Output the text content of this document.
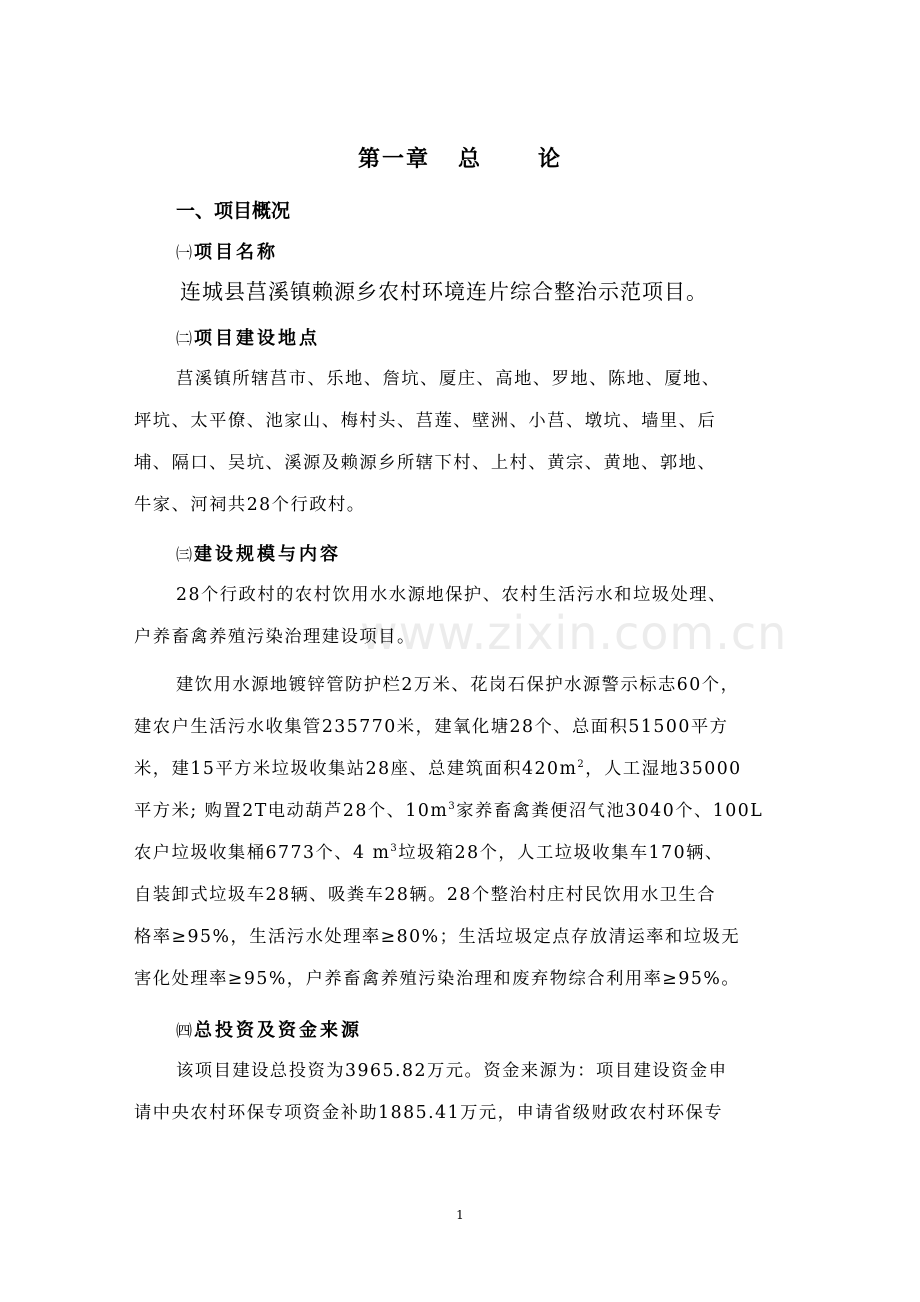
www.zixin.com.cn
第一章 总	论
一、项目概况
㈠ 项目名称
连城县莒溪镇赖源乡农村环境连片综合整治示范项目。
㈡ 项目建设地点
莒溪镇所辖莒市、乐地、詹坑、厦庄、高地、罗地、陈地、厦地、
坪坑、太平僚、池家山、梅村头、莒莲、壁洲、小莒、墩坑、墙里、后
埔、隔口、吴坑、溪源及赖源乡所辖下村、上村、黄宗、黄地、郭地、
牛家、河祠共28个行政村。
㈢ 建设规模与内容
28个行政村的农村饮用水水源地保护、农村生活污水和垃圾处理、
户养畜禽养殖污染治理建设项目。
建饮用水源地镀锌管防护栏2万米、花岗石保护水源警示标志60个，
建农户生活污水收集管235770米，建氧化塘28个、总面积51500平方
米，建15平方米垃圾收集站28座、总建筑面积$420m^2$，人工湿地35000
平方米; 购置2T电动葫芦28个、$10m^3$家养畜禽粪便沼气池3040个、100L
农户垃圾收集桶6773个、4 $m^3$垃圾箱28个，人工垃圾收集车170辆、
自装卸式垃圾车28辆、吸粪车28辆。28个整治村庄村民饮用水卫生合
格率≥95%，生活污水处理率≥80%；生活垃圾定点存放清运率和垃圾无
害化处理率≥95%，户养畜禽养殖污染治理和废弃物综合利用率≥95%。
㈣ 总投资及资金来源
该项目建设总投资为3965.82万元。资金来源为：项目建设资金申
请中央农村环保专项资金补助1885.41万元，申请省级财政农村环保专
1
